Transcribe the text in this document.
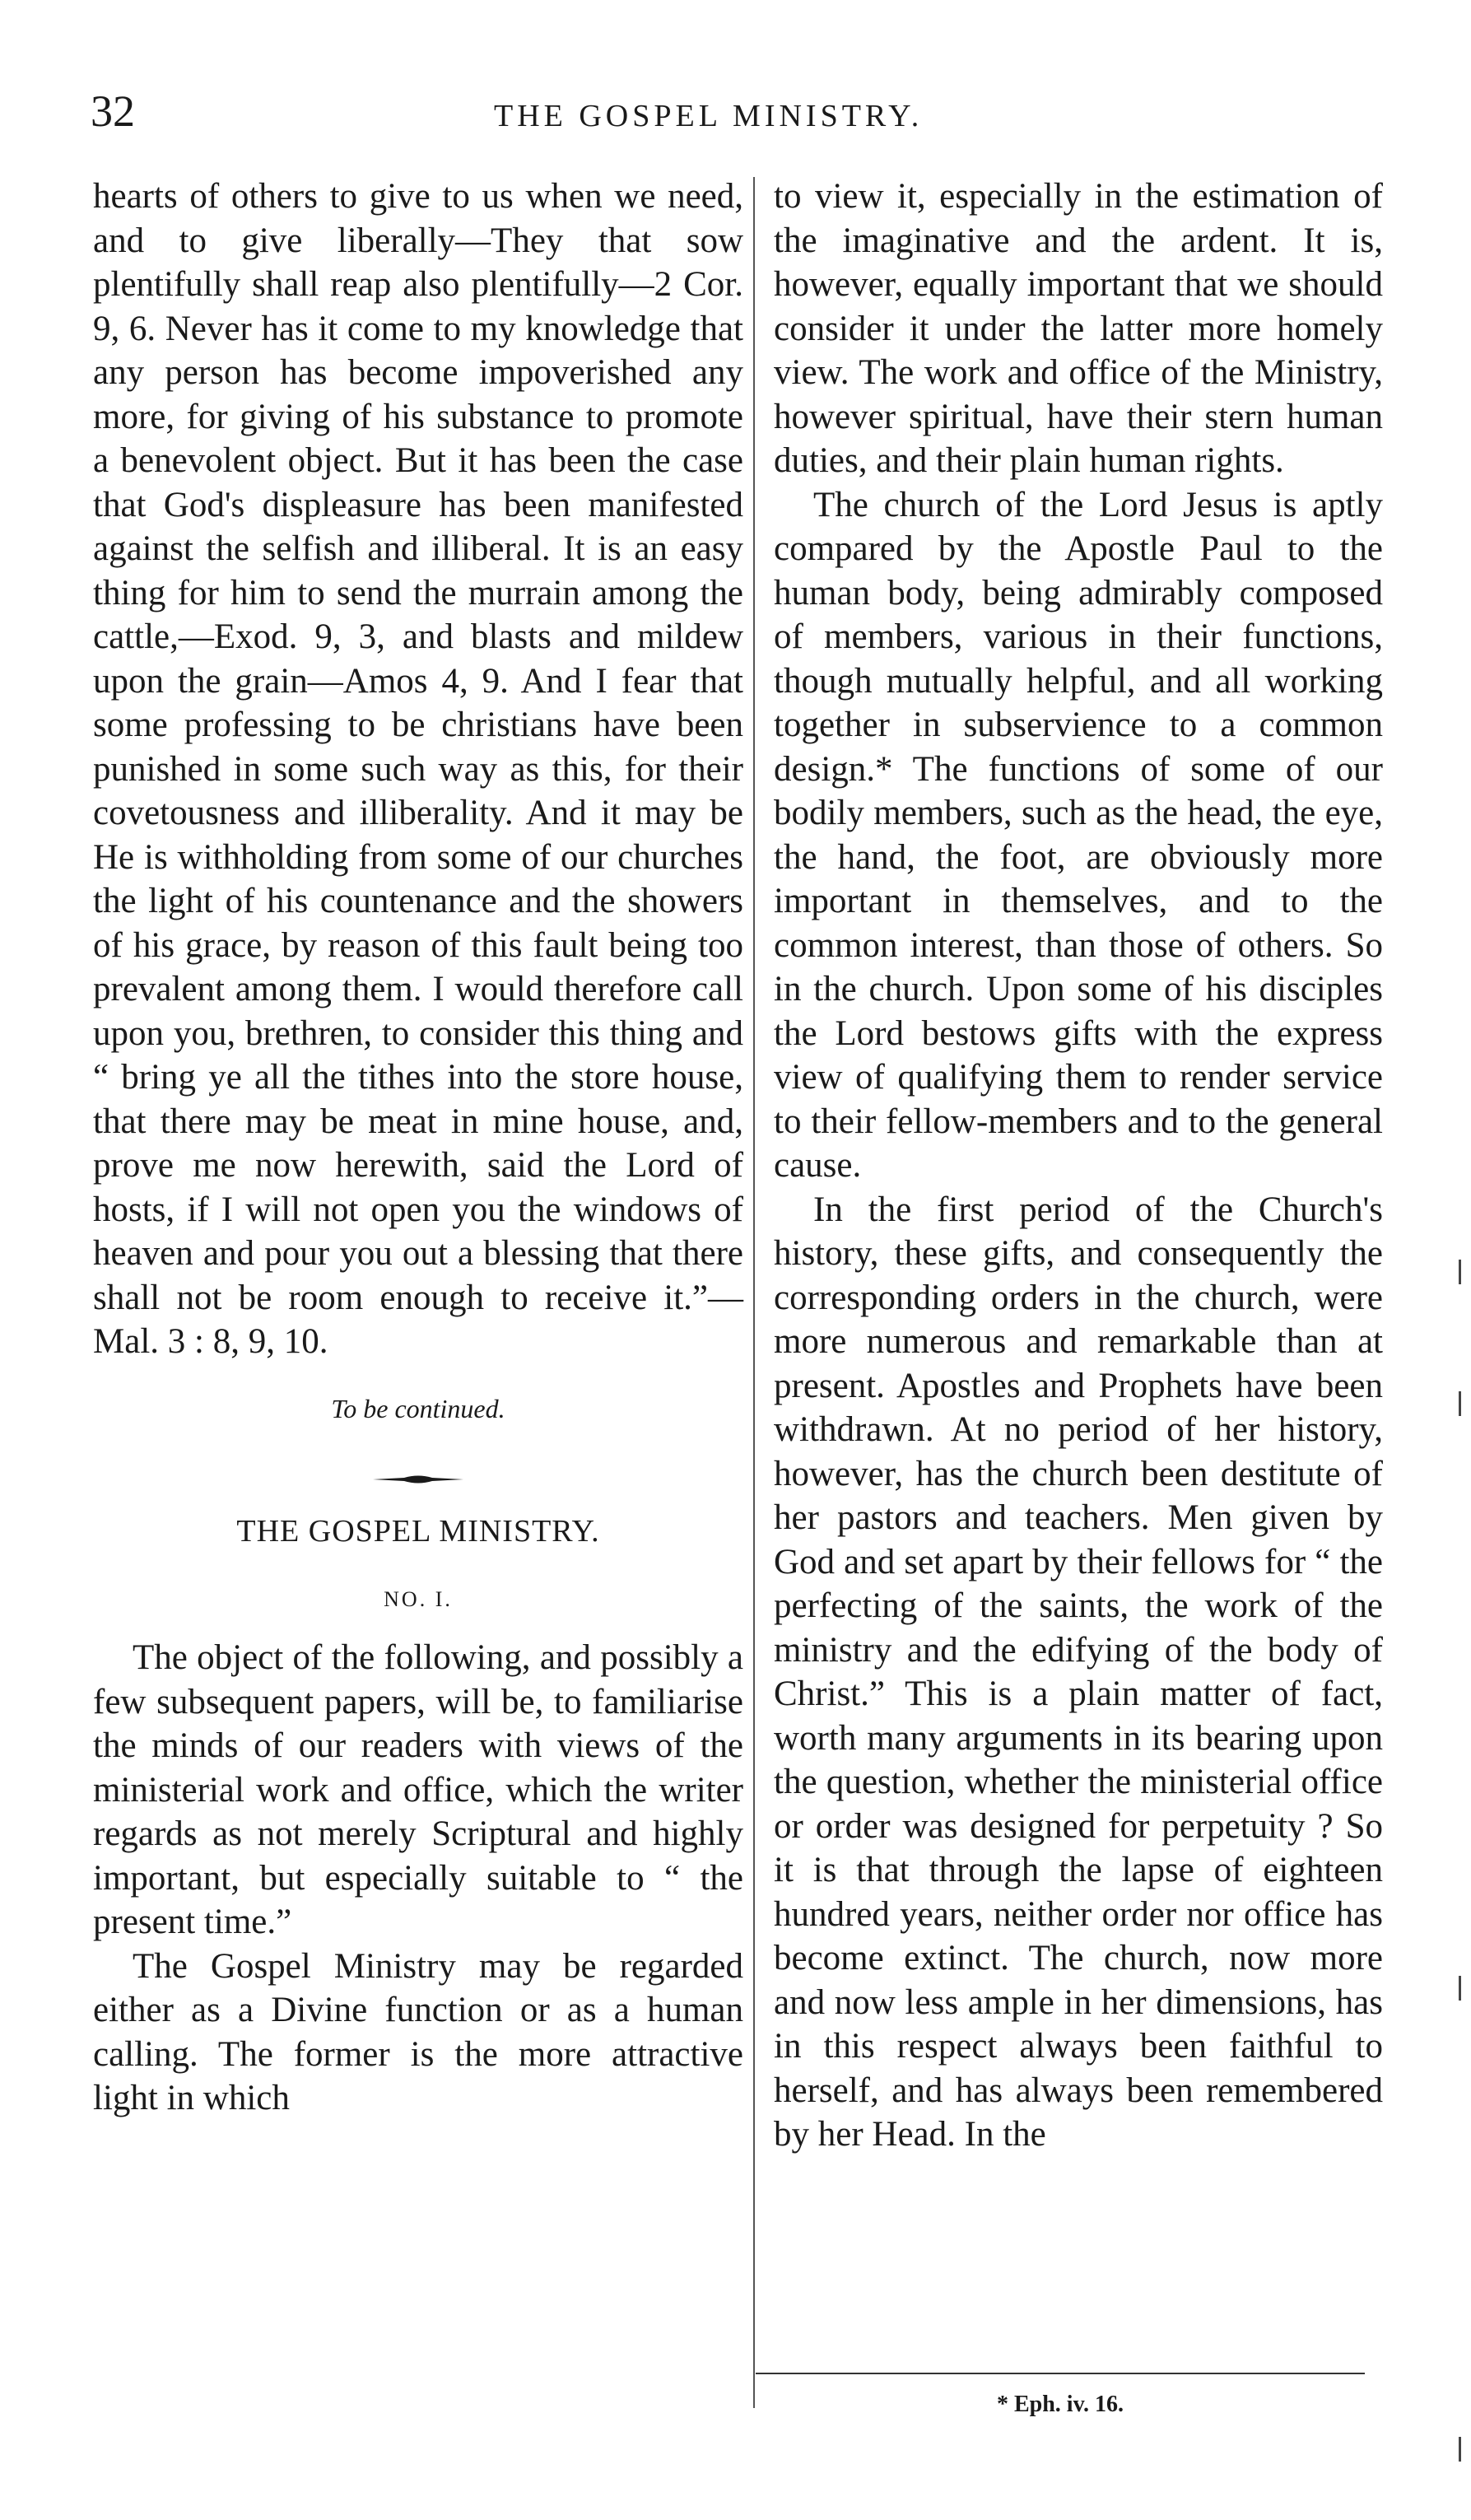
32	THE GOSPEL MINISTRY.

hearts of others to give to us when we need, and to give liberally—They that sow plentifully shall reap also plentifully—2 Cor. 9, 6. Never has it come to my knowledge that any person has become impoverished any more, for giving of his substance to promote a benevolent object. But it has been the case that God's displeasure has been manifested against the selfish and illiberal. It is an easy thing for him to send the murrain among the cattle,—Exod. 9, 3, and blasts and mildew upon the grain—Amos 4, 9. And I fear that some professing to be christians have been punished in some such way as this, for their covetousness and illiberality. And it may be He is withholding from some of our churches the light of his countenance and the showers of his grace, by reason of this fault being too prevalent among them. I would therefore call upon you, brethren, to consider this thing and “ bring ye all the tithes into the store house, that there may be meat in mine house, and, prove me now herewith, said the Lord of hosts, if I will not open you the windows of heaven and pour you out a blessing that there shall not be room enough to receive it.”—Mal. 3 : 8, 9, 10.

To be continued.

THE GOSPEL MINISTRY.

NO. I.

The object of the following, and possibly a few subsequent papers, will be, to familiarise the minds of our readers with views of the ministerial work and office, which the writer regards as not merely Scriptural and highly important, but especially suitable to “ the present time.”

The Gospel Ministry may be regarded either as a Divine function or as a human calling. The former is the more attractive light in which

to view it, especially in the estimation of the imaginative and the ardent. It is, however, equally important that we should consider it under the latter more homely view. The work and office of the Ministry, however spiritual, have their stern human duties, and their plain human rights.

The church of the Lord Jesus is aptly compared by the Apostle Paul to the human body, being admirably composed of members, various in their functions, though mutually helpful, and all working together in subservience to a common design.* The functions of some of our bodily members, such as the head, the eye, the hand, the foot, are obviously more important in themselves, and to the common interest, than those of others. So in the church. Upon some of his disciples the Lord bestows gifts with the express view of qualifying them to render service to their fellow-members and to the general cause.

In the first period of the Church's history, these gifts, and consequently the corresponding orders in the church, were more numerous and remarkable than at present. Apostles and Prophets have been withdrawn. At no period of her history, however, has the church been destitute of her pastors and teachers. Men given by God and set apart by their fellows for “ the perfecting of the saints, the work of the ministry and the edifying of the body of Christ.” This is a plain matter of fact, worth many arguments in its bearing upon the question, whether the ministerial office or order was designed for perpetuity ? So it is that through the lapse of eighteen hundred years, neither order nor office has become extinct. The church, now more and now less ample in her dimensions, has in this respect always been faithful to herself, and has always been remembered by her Head. In the

* Eph. iv. 16.
